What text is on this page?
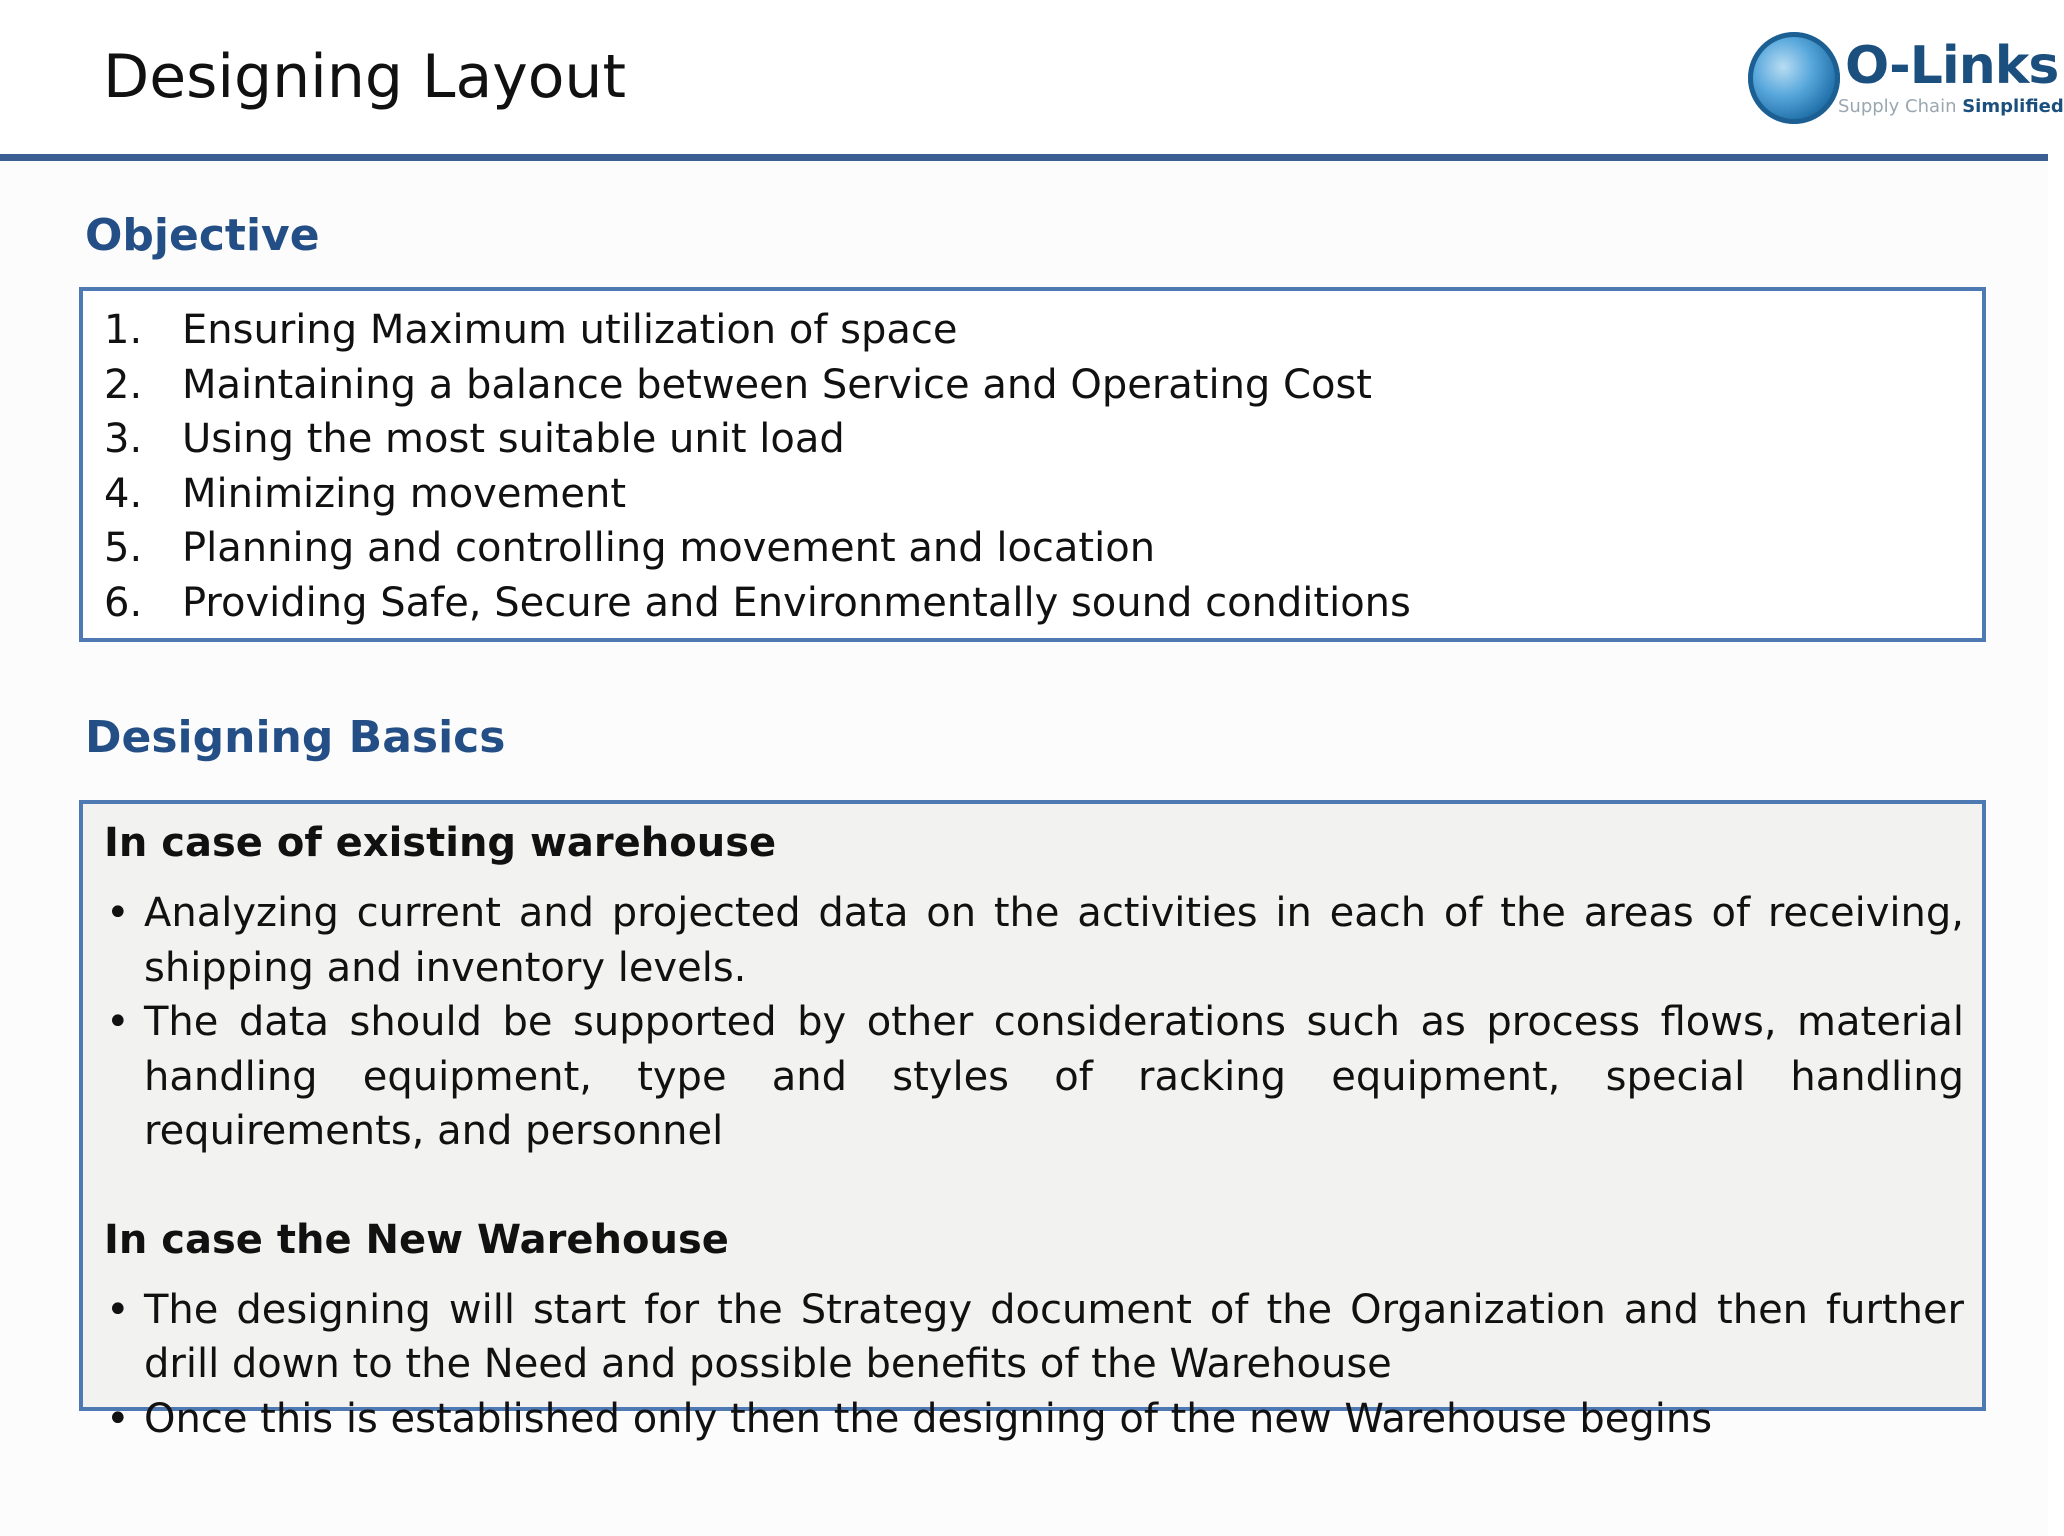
Designing Layout	O-Links
Supply Chain Simplified
Objective
1. Ensuring Maximum utilization of space
2. Maintaining a balance between Service and Operating Cost
3. Using the most suitable unit load
4. Minimizing movement
5. Planning and controlling movement and location
6. Providing Safe, Secure and Environmentally sound conditions
Designing Basics
In case of existing warehouse
• Analyzing current and projected data on the activities in each of the areas of receiving, shipping and inventory levels.
• The data should be supported by other considerations such as process flows, material handling equipment, type and styles of racking equipment, special handling requirements, and personnel
In case the New Warehouse
• The designing will start for the Strategy document of the Organization and then further drill down to the Need and possible benefits of the Warehouse
• Once this is established only then the designing of the new Warehouse begins
